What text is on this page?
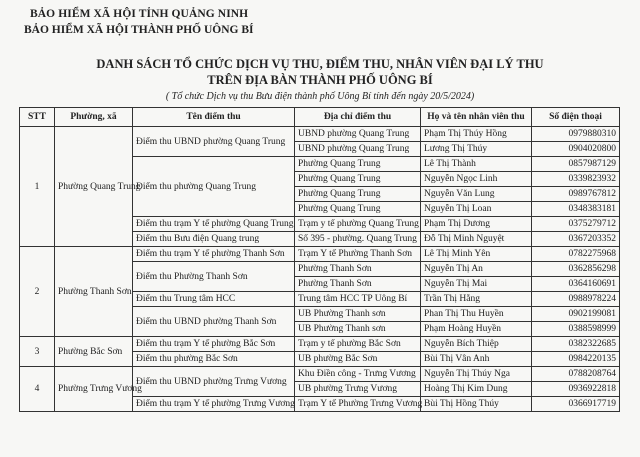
BẢO HIỂM XÃ HỘI TỈNH QUẢNG NINH
BẢO HIỂM XÃ HỘI THÀNH PHỐ UÔNG BÍ
DANH SÁCH TỔ CHỨC DỊCH VỤ THU, ĐIỂM THU, NHÂN VIÊN ĐẠI LÝ THU
TRÊN ĐỊA BÀN THÀNH PHỐ UÔNG BÍ
( Tổ chức Dịch vụ thu Bưu điện thành phố Uông Bí tính đến ngày 20/5/2024)
STT	Phường, xã	Tên điểm thu	Địa chỉ điểm thu	Họ và tên nhân viên thu	Số điện thoại
1	Phường Quang Trung	Điểm thu UBND phường Quang Trung	UBND phường Quang Trung	Phạm Thị Thúy Hồng	0979880310
			UBND phường Quang Trung	Lương Thị Thúy	0904020800
		Điểm thu phường Quang Trung	Phường Quang Trung	Lê Thị Thành	0857987129
			Phường Quang Trung	Nguyễn Ngọc Linh	0339823932
			Phường Quang Trung	Nguyễn Văn Lung	0989767812
			Phường Quang Trung	Nguyễn Thị Loan	0348383181
		Điểm thu trạm Y tế phường Quang Trung	Trạm y tế phường Quang Trung	Phạm Thị Dương	0375279712
		Điểm thu Bưu điện Quang trung	Số 395 - phường. Quang Trung	Đỗ Thị Minh Nguyệt	0367203352
2	Phường Thanh Sơn	Điểm thu trạm Y tế phường Thanh Sơn	Trạm Y tế Phường Thanh Sơn	Lê Thị Minh Yên	0782275968
		Điểm thu Phường Thanh Sơn	Phường Thanh Sơn	Nguyễn Thị An	0362856298
			Phường Thanh Sơn	Nguyễn Thị Mai	0364160691
		Điểm thu Trung tâm HCC	Trung tâm HCC TP Uông Bí	Trần Thị Hằng	0988978224
		Điểm thu UBND phường Thanh Sơn	UB Phường Thanh sơn	Phan Thị Thu Huyền	0902199081
			UB Phường Thanh sơn	Phạm Hoàng Huyền	0388598999
3	Phường Bắc Sơn	Điểm thu trạm Y tế phường Bắc Sơn	Trạm y tế phường Bắc Sơn	Nguyễn Bích Thiệp	0382322685
		Điểm thu phường Bắc Sơn	UB phường Bắc Sơn	Bùi Thị Vân Anh	0984220135
4	Phường Trưng Vương	Điểm thu UBND phường Trưng Vương	Khu Điền công - Trưng Vương	Nguyễn Thị Thúy Nga	0788208764
			UB phường Trưng Vương	Hoàng Thị Kim Dung	0936922818
		Điểm thu trạm Y tế phường Trưng Vương	Trạm Y tế Phường Trưng Vương	Bùi Thị Hồng Thúy	0366917719
